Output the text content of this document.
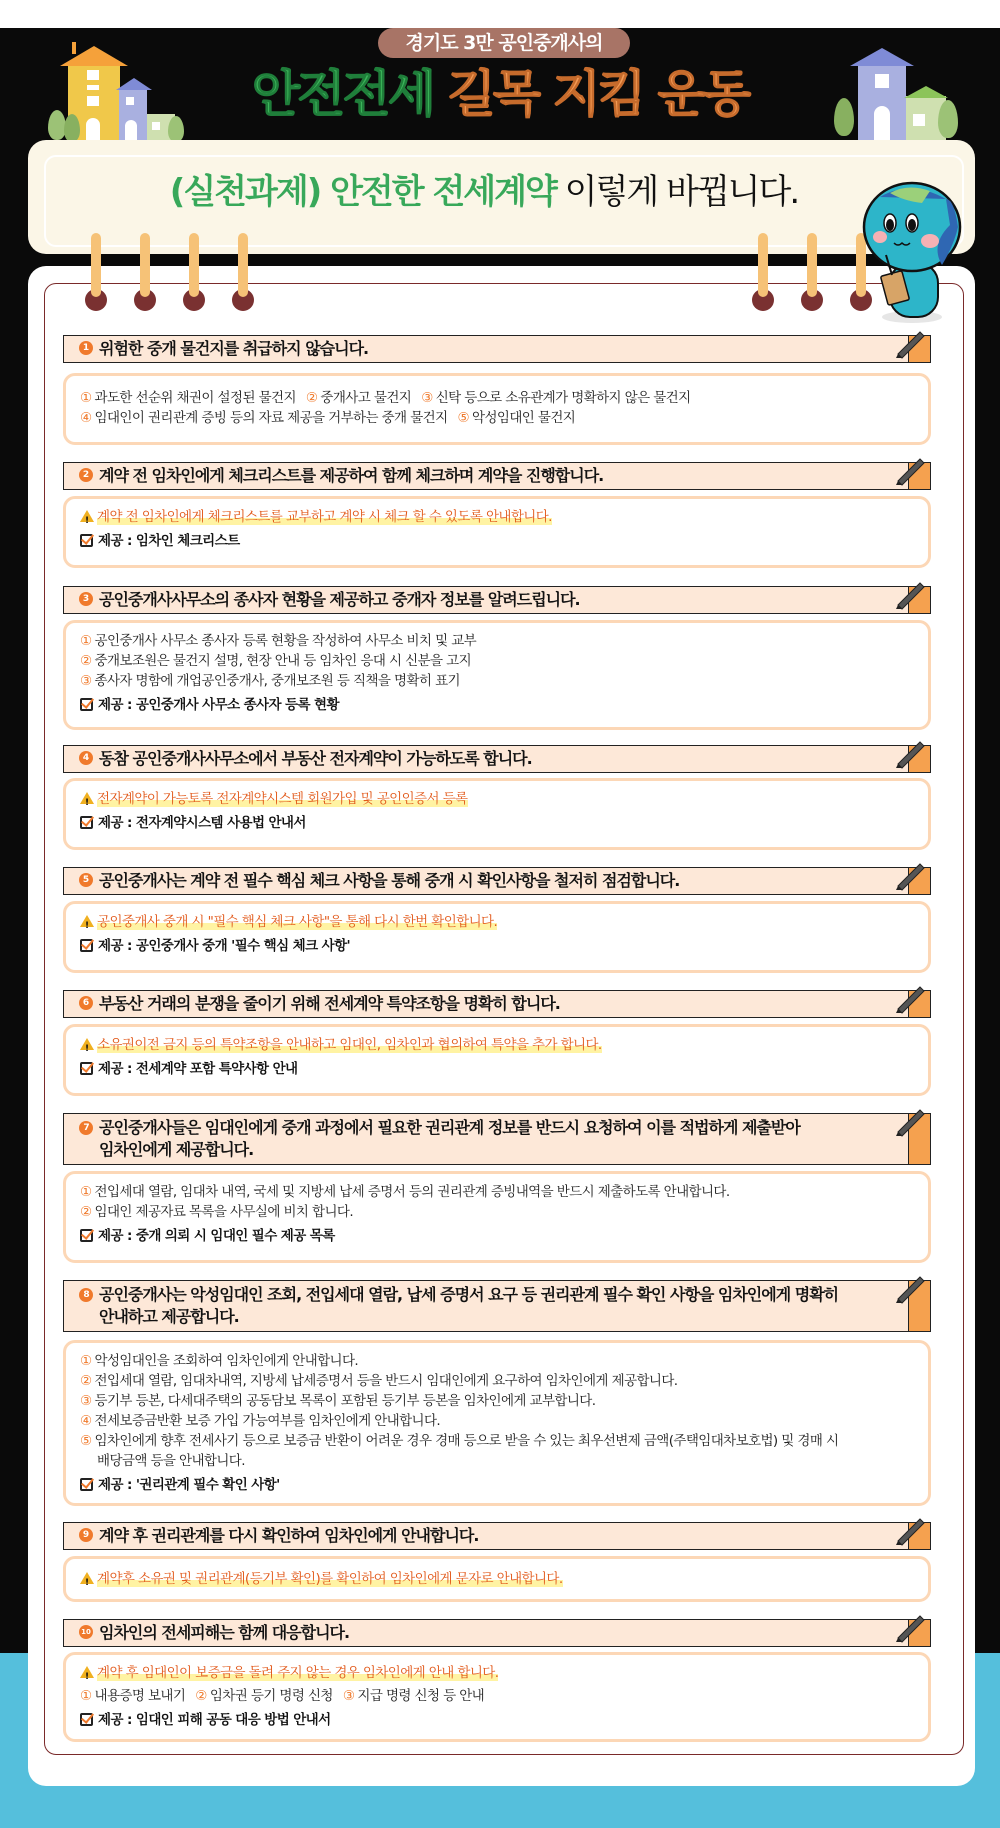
경기도 3만 공인중개사의
안전전세 길목 지킴 운동
(실천과제) 안전한 전세계약 이렇게 바뀝니다.
1 위험한 중개 물건지를 취급하지 않습니다.
① 과도한 선순위 채권이 설정된 물건지 ② 중개사고 물건지 ③ 신탁 등으로 소유관계가 명확하지 않은 물건지
④ 임대인이 권리관계 증빙 등의 자료 제공을 거부하는 중개 물건지 ⑤ 악성임대인 물건지
2 계약 전 임차인에게 체크리스트를 제공하여 함께 체크하며 계약을 진행합니다.
!계약 전 임차인에게 체크리스트를 교부하고 계약 시 체크 할 수 있도록 안내합니다.
제공 : 임차인 체크리스트
3 공인중개사사무소의 종사자 현황을 제공하고 중개자 정보를 알려드립니다.
① 공인중개사 사무소 종사자 등록 현황을 작성하여 사무소 비치 및 교부
② 중개보조원은 물건지 설명, 현장 안내 등 임차인 응대 시 신분을 고지
③ 종사자 명함에 개업공인중개사, 중개보조원 등 직책을 명확히 표기
제공 : 공인중개사 사무소 종사자 등록 현황
4 동참 공인중개사사무소에서 부동산 전자계약이 가능하도록 합니다.
!전자계약이 가능토록 전자계약시스템 회원가입 및 공인인증서 등록
제공 : 전자계약시스템 사용법 안내서
5 공인중개사는 계약 전 필수 핵심 체크 사항을 통해 중개 시 확인사항을 철저히 점검합니다.
!공인중개사 중개 시 "필수 핵심 체크 사항"을 통해 다시 한번 확인합니다.
제공 : 공인중개사 중개 '필수 핵심 체크 사항'
6 부동산 거래의 분쟁을 줄이기 위해 전세계약 특약조항을 명확히 합니다.
!소유권이전 금지 등의 특약조항을 안내하고 임대인, 임차인과 협의하여 특약을 추가 합니다.
제공 : 전세계약 포함 특약사항 안내
7 공인중개사들은 임대인에게 중개 과정에서 필요한 권리관계 정보를 반드시 요청하여 이를 적법하게 제출받아
임차인에게 제공합니다.
① 전입세대 열람, 임대차 내역, 국세 및 지방세 납세 증명서 등의 권리관계 증빙내역을 반드시 제출하도록 안내합니다.
② 임대인 제공자료 목록을 사무실에 비치 합니다.
제공 : 중개 의뢰 시 임대인 필수 제공 목록
8 공인중개사는 악성임대인 조회, 전입세대 열람, 납세 증명서 요구 등 권리관계 필수 확인 사항을 임차인에게 명확히
안내하고 제공합니다.
① 악성임대인을 조회하여 임차인에게 안내합니다.
② 전입세대 열람, 임대차내역, 지방세 납세증명서 등을 반드시 임대인에게 요구하여 임차인에게 제공합니다.
③ 등기부 등본, 다세대주택의 공동담보 목록이 포함된 등기부 등본을 임차인에게 교부합니다.
④ 전세보증금반환 보증 가입 가능여부를 임차인에게 안내합니다.
⑤ 임차인에게 향후 전세사기 등으로 보증금 반환이 어려운 경우 경매 등으로 받을 수 있는 최우선변제 금액(주택임대차보호법) 및 경매 시
배당금액 등을 안내합니다.
제공 : '권리관계 필수 확인 사항'
9 계약 후 권리관계를 다시 확인하여 임차인에게 안내합니다.
!계약후 소유권 및 권리관계(등기부 확인)를 확인하여 임차인에게 문자로 안내합니다.
10 임차인의 전세피해는 함께 대응합니다.
!계약 후 임대인이 보증금을 돌려 주지 않는 경우 임차인에게 안내 합니다.
① 내용증명 보내기 ② 임차권 등기 명령 신청 ③ 지급 명령 신청 등 안내
제공 : 임대인 피해 공동 대응 방법 안내서
